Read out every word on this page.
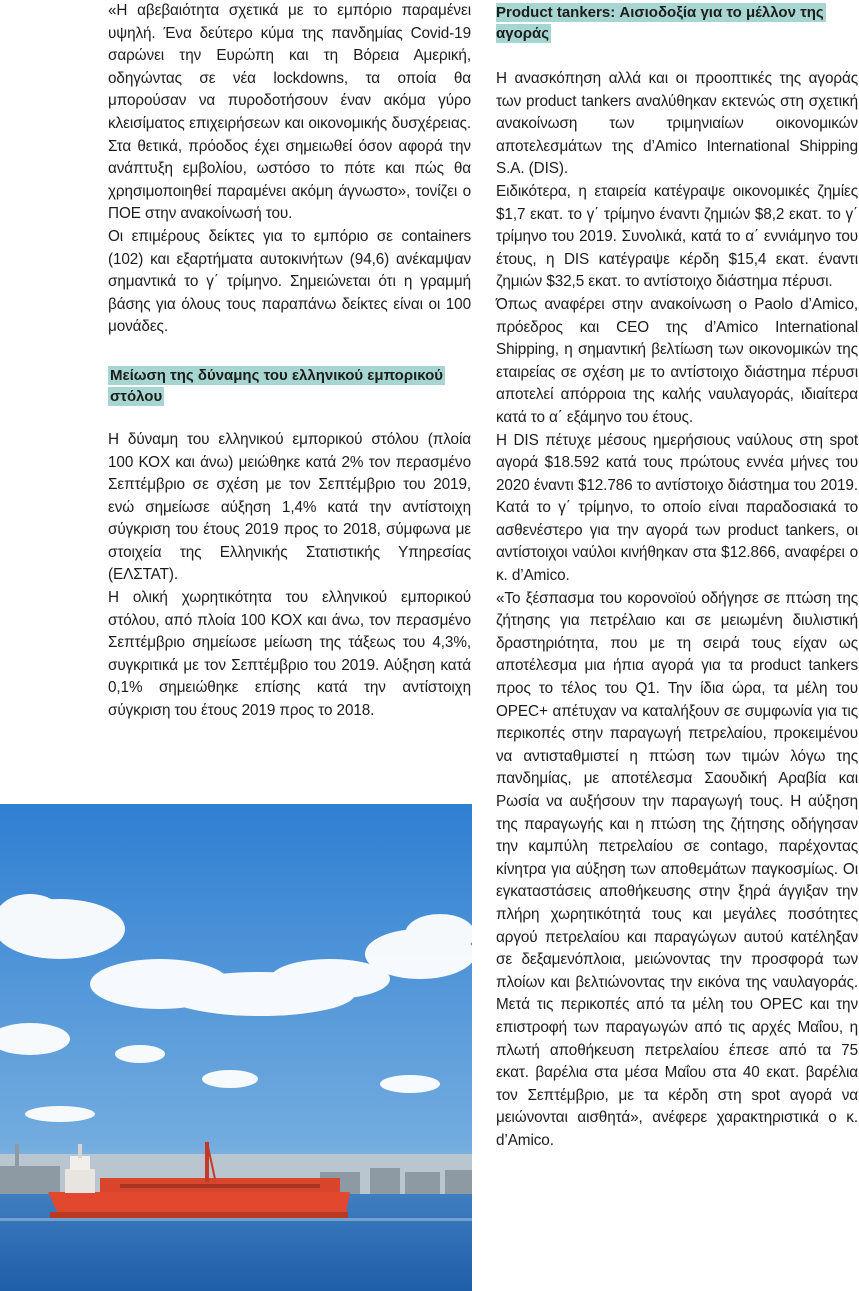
«Η αβεβαιότητα σχετικά με το εμπόριο παραμένει υψηλή. Ένα δεύτερο κύμα της πανδημίας Covid-19 σαρώνει την Ευρώπη και τη Βόρεια Αμερική, οδηγώντας σε νέα lockdowns, τα οποία θα μπορούσαν να πυροδοτήσουν έναν ακόμα γύρο κλεισίματος επιχειρήσεων και οικονομικής δυσχέρειας. Στα θετικά, πρόοδος έχει σημειωθεί όσον αφορά την ανάπτυξη εμβολίου, ωστόσο το πότε και πώς θα χρησιμοποιηθεί παραμένει ακόμη άγνωστο», τονίζει ο ΠΟΕ στην ανακοίνωσή του.

Οι επιμέρους δείκτες για το εμπόριο σε containers (102) και εξαρτήματα αυτοκινήτων (94,6) ανέκαμψαν σημαντικά το γ΄ τρίμηνο. Σημειώνεται ότι η γραμμή βάσης για όλους τους παραπάνω δείκτες είναι οι 100 μονάδες.

Μείωση της δύναμης του ελληνικού εμπορικού στόλου

Η δύναμη του ελληνικού εμπορικού στόλου (πλοία 100 ΚΟΧ και άνω) μειώθηκε κατά 2% τον περασμένο Σεπτέμβριο σε σχέση με τον Σεπτέμβριο του 2019, ενώ σημείωσε αύξηση 1,4% κατά την αντίστοιχη σύγκριση του έτους 2019 προς το 2018, σύμφωνα με στοιχεία της Ελληνικής Στατιστικής Υπηρεσίας (ΕΛΣΤΑΤ).

Η ολική χωρητικότητα του ελληνικού εμπορικού στόλου, από πλοία 100 ΚΟΧ και άνω, τον περασμένο Σεπτέμβριο σημείωσε μείωση της τάξεως του 4,3%, συγκριτικά με τον Σεπτέμβριο του 2019. Αύξηση κατά 0,1% σημειώθηκε επίσης κατά την αντίστοιχη σύγκριση του έτους 2019 προς το 2018.

Product tankers: Αισιοδοξία για το μέλλον της αγοράς

Η ανασκόπηση αλλά και οι προοπτικές της αγοράς των product tankers αναλύθηκαν εκτενώς στη σχετική ανακοίνωση των τριμηνιαίων οικονομικών αποτελεσμάτων της d’Amico International Shipping S.A. (DIS).

Ειδικότερα, η εταιρεία κατέγραψε οικονομικές ζημίες $1,7 εκατ. το γ΄ τρίμηνο έναντι ζημιών $8,2 εκατ. το γ΄ τρίμηνο του 2019. Συνολικά, κατά το α΄ εννιάμηνο του έτους, η DIS κατέγραψε κέρδη $15,4 εκατ. έναντι ζημιών $32,5 εκατ. το αντίστοιχο διάστημα πέρυσι.

Όπως αναφέρει στην ανακοίνωση ο Paolo d’Amico, πρόεδρος και CEO της d’Amico International Shipping, η σημαντική βελτίωση των οικονομικών της εταιρείας σε σχέση με το αντίστοιχο διάστημα πέρυσι αποτελεί απόρροια της καλής ναυλαγοράς, ιδιαίτερα κατά το α΄ εξάμηνο του έτους.

Η DIS πέτυχε μέσους ημερήσιους ναύλους στη spot αγορά $18.592 κατά τους πρώτους εννέα μήνες του 2020 έναντι $12.786 το αντίστοιχο διάστημα του 2019. Κατά το γ΄ τρίμηνο, το οποίο είναι παραδοσιακά το ασθενέστερο για την αγορά των product tankers, οι αντίστοιχοι ναύλοι κινήθηκαν στα $12.866, αναφέρει ο κ. d’Amico.

«Το ξέσπασμα του κορονοϊού οδήγησε σε πτώση της ζήτησης για πετρέλαιο και σε μειωμένη διυλιστική δραστηριότητα, που με τη σειρά τους είχαν ως αποτέλεσμα μια ήπια αγορά για τα product tankers προς το τέλος του Q1. Την ίδια ώρα, τα μέλη του OPEC+ απέτυχαν να καταλήξουν σε συμφωνία για τις περικοπές στην παραγωγή πετρελαίου, προκειμένου να αντισταθμιστεί η πτώση των τιμών λόγω της πανδημίας, με αποτέλεσμα Σαουδική Αραβία και Ρωσία να αυξήσουν την παραγωγή τους. Η αύξηση της παραγωγής και η πτώση της ζήτησης οδήγησαν την καμπύλη πετρελαίου σε contago, παρέχοντας κίνητρα για αύξηση των αποθεμάτων παγκοσμίως. Οι εγκαταστάσεις αποθήκευσης στην ξηρά άγγιξαν την πλήρη χωρητικότητά τους και μεγάλες ποσότητες αργού πετρελαίου και παραγώγων αυτού κατέληξαν σε δεξαμενόπλοια, μειώνοντας την προσφορά των πλοίων και βελτιώνοντας την εικόνα της ναυλαγοράς. Μετά τις περικοπές από τα μέλη του OPEC και την επιστροφή των παραγωγών από τις αρχές Μαΐου, η πλωτή αποθήκευση πετρελαίου έπεσε από τα 75 εκατ. βαρέλια στα μέσα Μαΐου στα 40 εκατ. βαρέλια τον Σεπτέμβριο, με τα κέρδη στη spot αγορά να μειώνονται αισθητά», ανέφερε χαρακτηριστικά ο κ. d’Amico.
